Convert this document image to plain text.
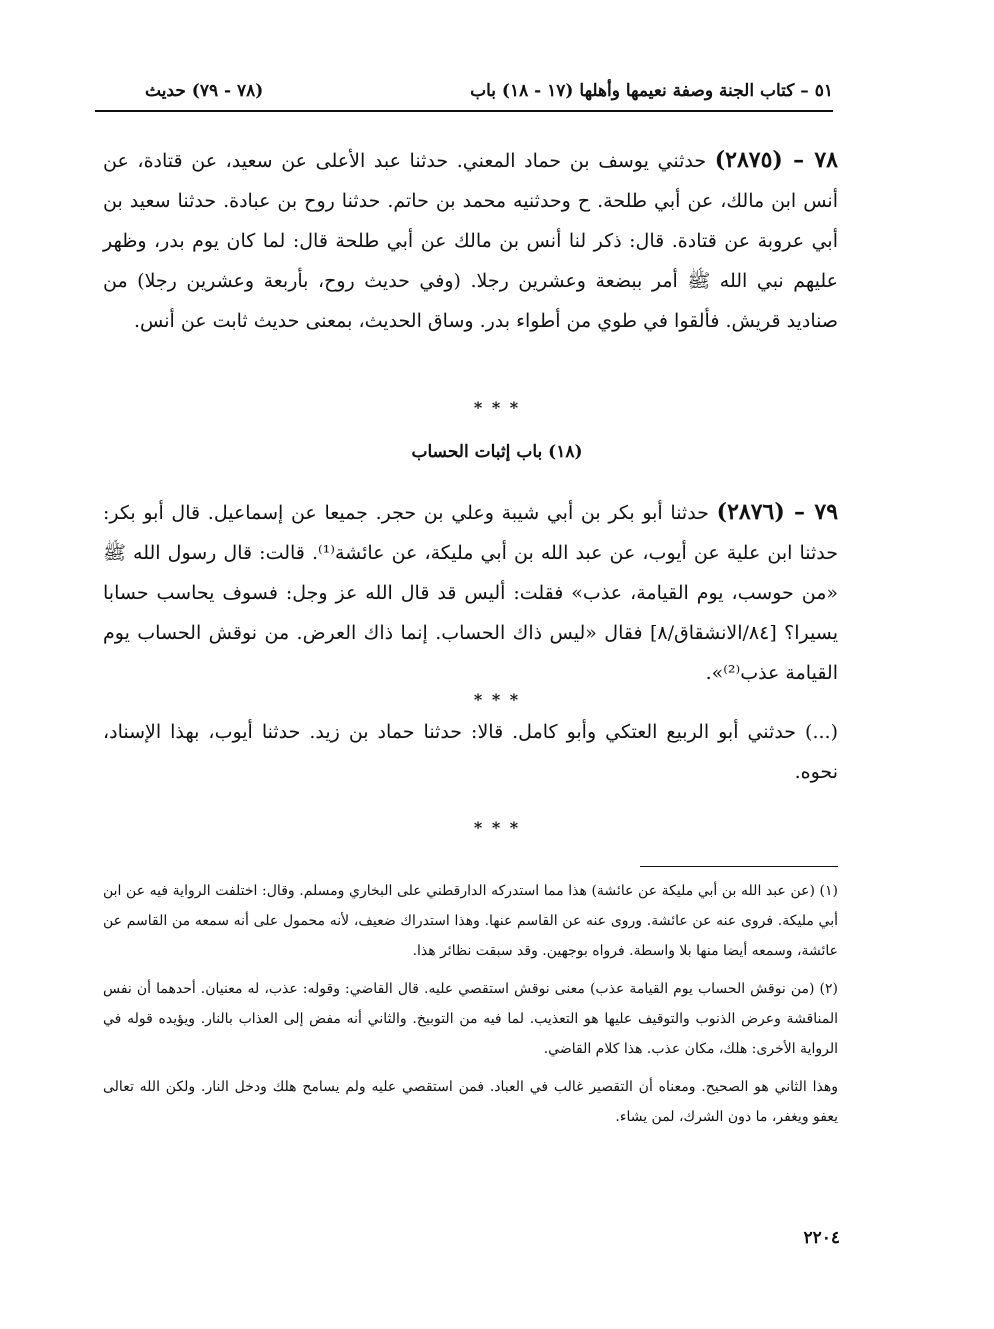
٥١ – كتاب الجنة وصفة نعيمها وأهلها (١٧ - ١٨) باب
(٧٨ - ٧٩) حديث
٧٨ – (٢٨٧٥) حدثني يوسف بن حماد المعني. حدثنا عبد الأعلى عن سعيد، عن قتادة، عن أنس ابن مالك، عن أبي طلحة. ح وحدثنيه محمد بن حاتم. حدثنا روح بن عبادة. حدثنا سعيد بن أبي عروبة عن قتادة. قال: ذكر لنا أنس بن مالك عن أبي طلحة قال: لما كان يوم بدر، وظهر عليهم نبي الله ﷺ أمر ببضعة وعشرين رجلا. (وفي حديث روح، بأربعة وعشرين رجلا) من صناديد قريش. فألقوا في طوي من أطواء بدر. وساق الحديث، بمعنى حديث ثابت عن أنس.
* * *
(١٨) باب إثبات الحساب
٧٩ – (٢٨٧٦) حدثنا أبو بكر بن أبي شيبة وعلي بن حجر. جميعا عن إسماعيل. قال أبو بكر: حدثنا ابن علية عن أيوب، عن عبد الله بن أبي مليكة، عن عائشة⁽¹⁾. قالت: قال رسول الله ﷺ «من حوسب، يوم القيامة، عذب» فقلت: أليس قد قال الله عز وجل: فسوف يحاسب حسابا يسيرا؟ [٨٤/الانشقاق/٨] فقال «ليس ذاك الحساب. إنما ذاك العرض. من نوقش الحساب يوم القيامة عذب⁽²⁾».
* * *
(...) حدثني أبو الربيع العتكي وأبو كامل. قالا: حدثنا حماد بن زيد. حدثنا أيوب، بهذا الإسناد، نحوه.
* * *

(١) (عن عبد الله بن أبي مليكة عن عائشة) هذا مما استدركه الدارقطني على البخاري ومسلم. وقال: اختلفت الرواية فيه عن ابن أبي مليكة. فروى عنه عن عائشة. وروى عنه عن القاسم عنها. وهذا استدراك ضعيف، لأنه محمول على أنه سمعه من القاسم عن عائشة، وسمعه أيضا منها بلا واسطة. فرواه بوجهين. وقد سبقت نظائر هذا.

(٢) (من نوقش الحساب يوم القيامة عذب) معنى نوقش استقصي عليه. قال القاضي: وقوله: عذب، له معنيان. أحدهما أن نفس المناقشة وعرض الذنوب والتوقيف عليها هو التعذيب. لما فيه من التوبيخ. والثاني أنه مفض إلى العذاب بالنار. ويؤيده قوله في الرواية الأخرى: هلك، مكان عذب. هذا كلام القاضي.

وهذا الثاني هو الصحيح. ومعناه أن التقصير غالب في العباد. فمن استقصي عليه ولم يسامح هلك ودخل النار. ولكن الله تعالى يعفو ويغفر، ما دون الشرك، لمن يشاء.

٢٢٠٤
